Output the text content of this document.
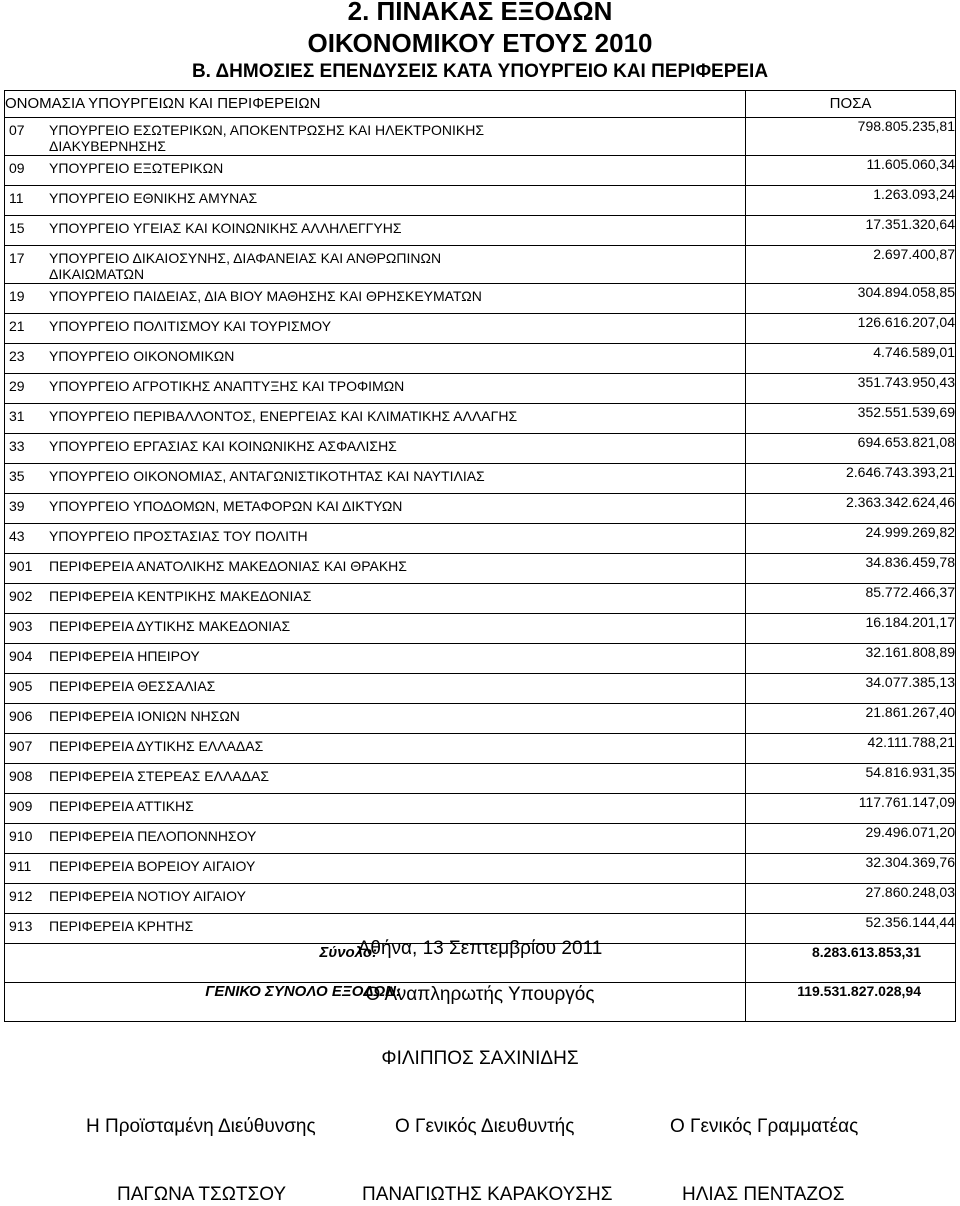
2. ΠΙΝΑΚΑΣ ΕΞΟΔΩΝ
ΟΙΚΟΝΟΜΙΚΟΥ ΕΤΟΥΣ 2010
Β. ΔΗΜΟΣΙΕΣ ΕΠΕΝΔΥΣΕΙΣ ΚΑΤΑ ΥΠΟΥΡΓΕΙΟ ΚΑΙ ΠΕΡΙΦΕΡΕΙΑ
ΟΝΟΜΑΣΙΑ ΥΠΟΥΡΓΕΙΩΝ ΚΑΙ ΠΕΡΙΦΕΡΕΙΩΝ	ΠΟΣΑ
07 ΥΠΟΥΡΓΕΙΟ ΕΣΩΤΕΡΙΚΩΝ, ΑΠΟΚΕΝΤΡΩΣΗΣ ΚΑΙ ΗΛΕΚΤΡΟΝΙΚΗΣ
ΔΙΑΚΥΒΕΡΝΗΣΗΣ	798.805.235,81
09 ΥΠΟΥΡΓΕΙΟ ΕΞΩΤΕΡΙΚΩΝ	11.605.060,34
11 ΥΠΟΥΡΓΕΙΟ ΕΘΝΙΚΗΣ ΑΜΥΝΑΣ	1.263.093,24
15 ΥΠΟΥΡΓΕΙΟ ΥΓΕΙΑΣ ΚΑΙ ΚΟΙΝΩΝΙΚΗΣ ΑΛΛΗΛΕΓΓΥΗΣ	17.351.320,64
17 ΥΠΟΥΡΓΕΙΟ ΔΙΚΑΙΟΣΥΝΗΣ, ΔΙΑΦΑΝΕΙΑΣ ΚΑΙ ΑΝΘΡΩΠΙΝΩΝ
ΔΙΚΑΙΩΜΑΤΩΝ	2.697.400,87
19 ΥΠΟΥΡΓΕΙΟ ΠΑΙΔΕΙΑΣ, ΔΙΑ ΒΙΟΥ ΜΑΘΗΣΗΣ ΚΑΙ ΘΡΗΣΚΕΥΜΑΤΩΝ	304.894.058,85
21 ΥΠΟΥΡΓΕΙΟ ΠΟΛΙΤΙΣΜΟΥ ΚΑΙ ΤΟΥΡΙΣΜΟΥ	126.616.207,04
23 ΥΠΟΥΡΓΕΙΟ ΟΙΚΟΝΟΜΙΚΩΝ	4.746.589,01
29 ΥΠΟΥΡΓΕΙΟ ΑΓΡΟΤΙΚΗΣ ΑΝΑΠΤΥΞΗΣ ΚΑΙ ΤΡΟΦΙΜΩΝ	351.743.950,43
31 ΥΠΟΥΡΓΕΙΟ ΠΕΡΙΒΑΛΛΟΝΤΟΣ, ΕΝΕΡΓΕΙΑΣ ΚΑΙ ΚΛΙΜΑΤΙΚΗΣ ΑΛΛΑΓΗΣ	352.551.539,69
33 ΥΠΟΥΡΓΕΙΟ ΕΡΓΑΣΙΑΣ ΚΑΙ ΚΟΙΝΩΝΙΚΗΣ ΑΣΦΑΛΙΣΗΣ	694.653.821,08
35 ΥΠΟΥΡΓΕΙΟ ΟΙΚΟΝΟΜΙΑΣ, ΑΝΤΑΓΩΝΙΣΤΙΚΟΤΗΤΑΣ ΚΑΙ ΝΑΥΤΙΛΙΑΣ	2.646.743.393,21
39 ΥΠΟΥΡΓΕΙΟ ΥΠΟΔΟΜΩΝ, ΜΕΤΑΦΟΡΩΝ ΚΑΙ ΔΙΚΤΥΩΝ	2.363.342.624,46
43 ΥΠΟΥΡΓΕΙΟ ΠΡΟΣΤΑΣΙΑΣ ΤΟΥ ΠΟΛΙΤΗ	24.999.269,82
901 ΠΕΡΙΦΕΡΕΙΑ ΑΝΑΤΟΛΙΚΗΣ ΜΑΚΕΔΟΝΙΑΣ ΚΑΙ ΘΡΑΚΗΣ	34.836.459,78
902 ΠΕΡΙΦΕΡΕΙΑ ΚΕΝΤΡΙΚΗΣ ΜΑΚΕΔΟΝΙΑΣ	85.772.466,37
903 ΠΕΡΙΦΕΡΕΙΑ ΔΥΤΙΚΗΣ ΜΑΚΕΔΟΝΙΑΣ	16.184.201,17
904 ΠΕΡΙΦΕΡΕΙΑ ΗΠΕΙΡΟΥ	32.161.808,89
905 ΠΕΡΙΦΕΡΕΙΑ ΘΕΣΣΑΛΙΑΣ	34.077.385,13
906 ΠΕΡΙΦΕΡΕΙΑ ΙΟΝΙΩΝ ΝΗΣΩΝ	21.861.267,40
907 ΠΕΡΙΦΕΡΕΙΑ ΔΥΤΙΚΗΣ ΕΛΛΑΔΑΣ	42.111.788,21
908 ΠΕΡΙΦΕΡΕΙΑ ΣΤΕΡΕΑΣ ΕΛΛΑΔΑΣ	54.816.931,35
909 ΠΕΡΙΦΕΡΕΙΑ ΑΤΤΙΚΗΣ	117.761.147,09
910 ΠΕΡΙΦΕΡΕΙΑ ΠΕΛΟΠΟΝΝΗΣΟΥ	29.496.071,20
911 ΠΕΡΙΦΕΡΕΙΑ ΒΟΡΕΙΟΥ ΑΙΓΑΙΟΥ	32.304.369,76
912 ΠΕΡΙΦΕΡΕΙΑ ΝΟΤΙΟΥ ΑΙΓΑΙΟΥ	27.860.248,03
913 ΠΕΡΙΦΕΡΕΙΑ ΚΡΗΤΗΣ	52.356.144,44
Σύνολο:	8.283.613.853,31
ΓΕΝΙΚΟ ΣΥΝΟΛΟ ΕΞΟΔΩΝ:	119.531.827.028,94
Αθήνα, 13 Σεπτεμβρίου 2011
Ο Αναπληρωτής Υπουργός
ΦΙΛΙΠΠΟΣ ΣΑΧΙΝΙΔΗΣ
Η Προϊσταμένη Διεύθυνσης	Ο Γενικός Διευθυντής	Ο Γενικός Γραμματέας
ΠΑΓΩΝΑ ΤΣΩΤΣΟΥ	ΠΑΝΑΓΙΩΤΗΣ ΚΑΡΑΚΟΥΣΗΣ	ΗΛΙΑΣ ΠΕΝΤΑΖΟΣ
